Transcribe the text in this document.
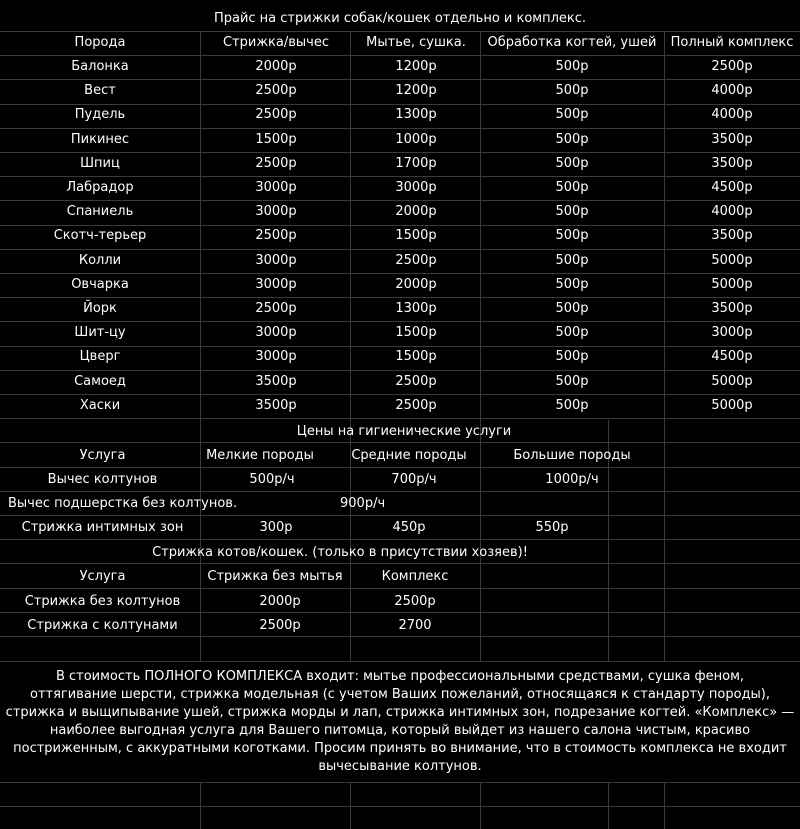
Прайс на стрижки собак/кошек отдельно и комплекс.
Порода	Стрижка/вычес	Мытье, сушка.	Обработка когтей, ушей	Полный комплекс
Балонка	2000р	1200р	500р	2500р
Вест	2500р	1200р	500р	4000р
Пудель	2500р	1300р	500р	4000р
Пикинес	1500р	1000р	500р	3500р
Шпиц	2500р	1700р	500р	3500р
Лабрадор	3000р	3000р	500р	4500р
Спаниель	3000р	2000р	500р	4000р
Скотч-терьер	2500р	1500р	500р	3500р
Колли	3000р	2500р	500р	5000р
Овчарка	3000р	2000р	500р	5000р
Йорк	2500р	1300р	500р	3500р
Шит-цу	3000р	1500р	500р	3000р
Цверг	3000р	1500р	500р	4500р
Самоед	3500р	2500р	500р	5000р
Хаски	3500р	2500р	500р	5000р
Цены на гигиенические услуги
Услуга	Мелкие породы	Средние породы	Большие породы
Вычес колтунов	500р/ч	700р/ч	1000р/ч
Вычес подшерстка без колтунов.	900р/ч
Стрижка интимных зон	300р	450р	550р
Стрижка котов/кошек. (только в присутствии хозяев)!
Услуга	Стрижка без мытья	Комплекс
Стрижка без колтунов	2000р	2500р
Стрижка с колтунами	2500р	2700
В стоимость ПОЛНОГО КОМПЛЕКСА входит: мытье профессиональными средствами, сушка феном,
оттягивание шерсти, стрижка модельная (с учетом Ваших пожеланий, относящаяся к стандарту породы),
стрижка и выщипывание ушей, стрижка морды и лап, стрижка интимных зон, подрезание когтей. «Комплекс» —
наиболее выгодная услуга для Вашего питомца, который выйдет из нашего салона чистым, красиво
постриженным, с аккуратными коготками. Просим принять во внимание, что в стоимость комплекса не входит
вычесывание колтунов.
